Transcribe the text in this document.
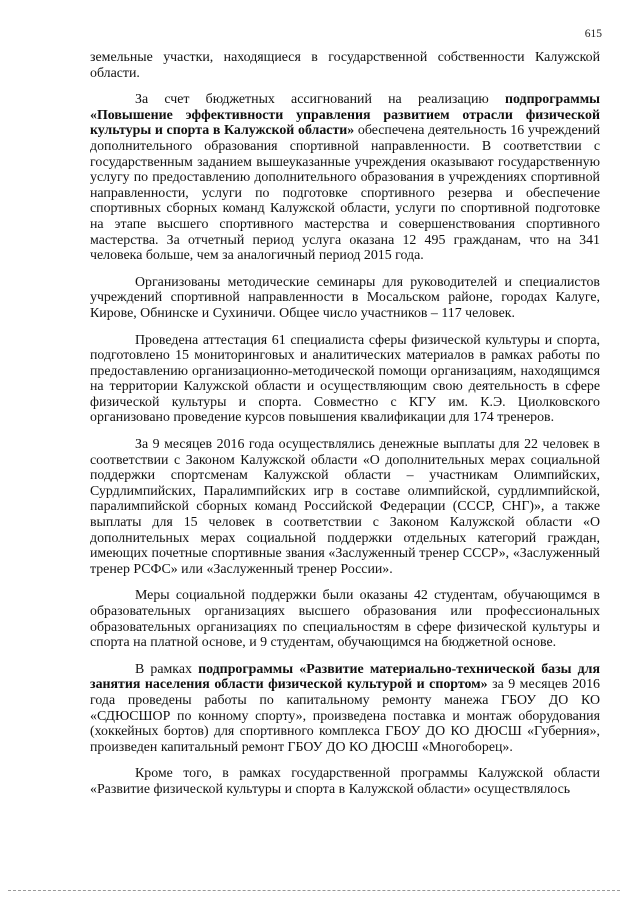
615

земельные участки, находящиеся в государственной собственности Калужской области.

За счет бюджетных ассигнований на реализацию подпрограммы «Повышение эффективности управления развитием отрасли физической культуры и спорта в Калужской области» обеспечена деятельность 16 учреждений дополнительного образования спортивной направленности. В соответствии с государственным заданием вышеуказанные учреждения оказывают государственную услугу по предоставлению дополнительного образования в учреждениях спортивной направленности, услуги по подготовке спортивного резерва и обеспечение спортивных сборных команд Калужской области, услуги по спортивной подготовке на этапе высшего спортивного мастерства и совершенствования спортивного мастерства. За отчетный период услуга оказана 12 495 гражданам, что на 341 человека больше, чем за аналогичный период 2015 года.

Организованы методические семинары для руководителей и специалистов учреждений спортивной направленности в Мосальском районе, городах Калуге, Кирове, Обнинске и Сухиничи. Общее число участников – 117 человек.

Проведена аттестация 61 специалиста сферы физической культуры и спорта, подготовлено 15 мониторинговых и аналитических материалов в рамках работы по предоставлению организационно-методической помощи организациям, находящимся на территории Калужской области и осуществляющим свою деятельность в сфере физической культуры и спорта. Совместно с КГУ им. К.Э. Циолковского организовано проведение курсов повышения квалификации для 174 тренеров.

За 9 месяцев 2016 года осуществлялись денежные выплаты для 22 человек в соответствии с Законом Калужской области «О дополнительных мерах социальной поддержки спортсменам Калужской области – участникам Олимпийских, Сурдлимпийских, Паралимпийских игр в составе олимпийской, сурдлимпийской, паралимпийской сборных команд Российской Федерации (СССР, СНГ)», а также выплаты для 15 человек в соответствии с Законом Калужской области «О дополнительных мерах социальной поддержки отдельных категорий граждан, имеющих почетные спортивные звания «Заслуженный тренер СССР», «Заслуженный тренер РСФС» или «Заслуженный тренер России».

Меры социальной поддержки были оказаны 42 студентам, обучающимся в образовательных организациях высшего образования или профессиональных образовательных организациях по специальностям в сфере физической культуры и спорта на платной основе, и 9 студентам, обучающимся на бюджетной основе.

В рамках подпрограммы «Развитие материально-технической базы для занятия населения области физической культурой и спортом» за 9 месяцев 2016 года проведены работы по капитальному ремонту манежа ГБОУ ДО КО «СДЮСШОР по конному спорту», произведена поставка и монтаж оборудования (хоккейных бортов) для спортивного комплекса ГБОУ ДО КО ДЮСШ «Губерния», произведен капитальный ремонт ГБОУ ДО КО ДЮСШ «Многоборец».

Кроме того, в рамках государственной программы Калужской области «Развитие физической культуры и спорта в Калужской области» осуществлялось
